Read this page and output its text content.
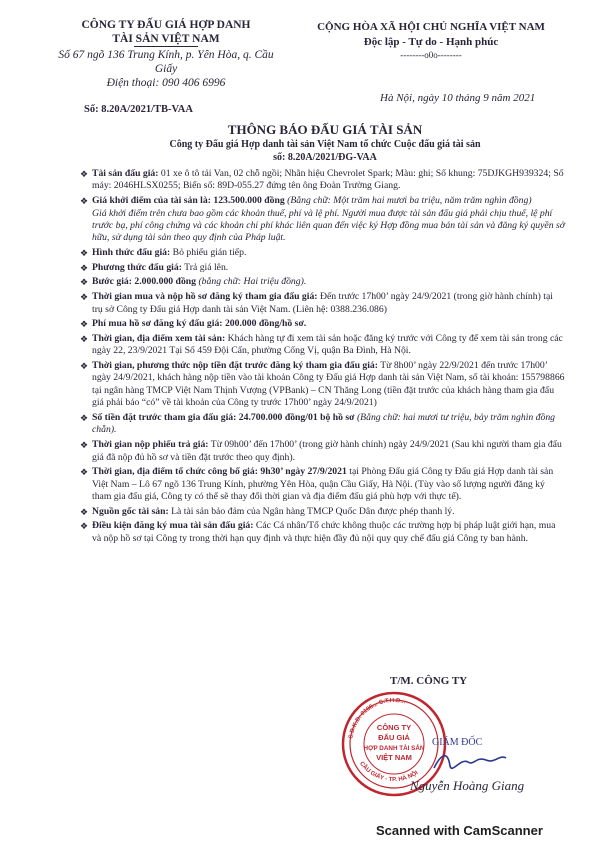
CÔNG TY ĐẤU GIÁ HỢP DANH
TÀI SẢN VIỆT NAM
Số 67 ngõ 136 Trung Kính, p. Yên Hòa, q. Cầu Giấy
Điện thoại: 090 406 6996
CỘNG HÒA XÃ HỘI CHỦ NGHĨA VIỆT NAM
Độc lập - Tự do - Hạnh phúc
--------o0o--------
Số: 8.20A/2021/TB-VAA
Hà Nội, ngày 10 tháng 9 năm 2021
THÔNG BÁO ĐẤU GIÁ TÀI SẢN
Công ty Đấu giá Hợp danh tài sản Việt Nam tổ chức Cuộc đấu giá tài sản
số: 8.20A/2021/ĐG-VAA
❖ Tài sản đấu giá: 01 xe ô tô tải Van, 02 chỗ ngồi; Nhãn hiệu Chevrolet Spark; Màu: ghi; Số khung: 75DJKGH939324; Số máy: 2046HLSX0255; Biển số: 89D-055.27 đứng tên ông Đoàn Trường Giang.
❖ Giá khởi điểm của tài sản là: 123.500.000 đồng (Bằng chữ: Một trăm hai mươi ba triệu, năm trăm nghìn đồng)
Giá khởi điểm trên chưa bao gồm các khoản thuế, phí và lệ phí. Người mua được tài sản đấu giá phải chịu thuế, lệ phí trước bạ, phí công chứng và các khoản chi phí khác liên quan đến việc ký Hợp đồng mua bán tài sản và đăng ký quyền sở hữu, sử dụng tài sản theo quy định của Pháp luật.
❖ Hình thức đấu giá: Bỏ phiếu gián tiếp.
❖ Phương thức đấu giá: Trả giá lên.
❖ Bước giá: 2.000.000 đồng (bằng chữ: Hai triệu đồng).
❖ Thời gian mua và nộp hồ sơ đăng ký tham gia đấu giá: Đến trước 17h00’ ngày 24/9/2021 (trong giờ hành chính) tại trụ sở Công ty Đấu giá Hợp danh tài sản Việt Nam. (Liên hệ: 0388.236.086)
❖ Phí mua hồ sơ đăng ký đấu giá: 200.000 đồng/hồ sơ.
❖ Thời gian, địa điểm xem tài sản: Khách hàng tự đi xem tài sản hoặc đăng ký trước với Công ty để xem tài sản trong các ngày 22, 23/9/2021 Tại Số 459 Đội Cấn, phường Cống Vị, quận Ba Đình, Hà Nội.
❖ Thời gian, phương thức nộp tiền đặt trước đăng ký tham gia đấu giá: Từ 8h00’ ngày 22/9/2021 đến trước 17h00’ ngày 24/9/2021, khách hàng nộp tiền vào tài khoản Công ty Đấu giá Hợp danh tài sản Việt Nam, số tài khoản: 155798866 tại ngân hàng TMCP Việt Nam Thịnh Vượng (VPBank) – CN Thăng Long (tiền đặt trước của khách hàng tham gia đấu giá phải báo “có” về tài khoản của Công ty trước 17h00’ ngày 24/9/2021)
❖ Số tiền đặt trước tham gia đấu giá: 24.700.000 đồng/01 bộ hồ sơ (Bằng chữ: hai mươi tư triệu, bảy trăm nghìn đồng chẵn).
❖ Thời gian nộp phiếu trả giá: Từ 09h00’ đến 17h00’ (trong giờ hành chính) ngày 24/9/2021 (Sau khi người tham gia đấu giá đã nộp đủ hồ sơ và tiền đặt trước theo quy định).
❖ Thời gian, địa điểm tổ chức công bố giá: 9h30’ ngày 27/9/2021 tại Phòng Đấu giá Công ty Đấu giá Hợp danh tài sản Việt Nam – Lô 67 ngõ 136 Trung Kính, phường Yên Hòa, quận Cầu Giấy, Hà Nội. (Tùy vào số lượng người đăng ký tham gia đấu giá, Công ty có thể sẽ thay đổi thời gian và địa điểm đấu giá phù hợp với thực tế).
❖ Nguồn gốc tài sản: Là tài sản bảo đảm của Ngân hàng TMCP Quốc Dân được phép thanh lý.
❖ Điều kiện đăng ký mua tài sản đấu giá: Các Cá nhân/Tổ chức không thuộc các trường hợp bị pháp luật giới hạn, mua và nộp hồ sơ tại Công ty trong thời hạn quy định và thực hiện đầy đủ nội quy quy chế đấu giá Công ty ban hành.
T/M. CÔNG TY
CÔNG TY
ĐẤU GIÁ
HỢP DANH TÀI SẢN
VIỆT NAM
S.Đ.K.D: 0108... C.T.H.Đ...
CẦU GIẤY - TP. HÀ NỘI
GIÁM ĐỐC
Nguyễn Hoàng Giang
Scanned with CamScanner
